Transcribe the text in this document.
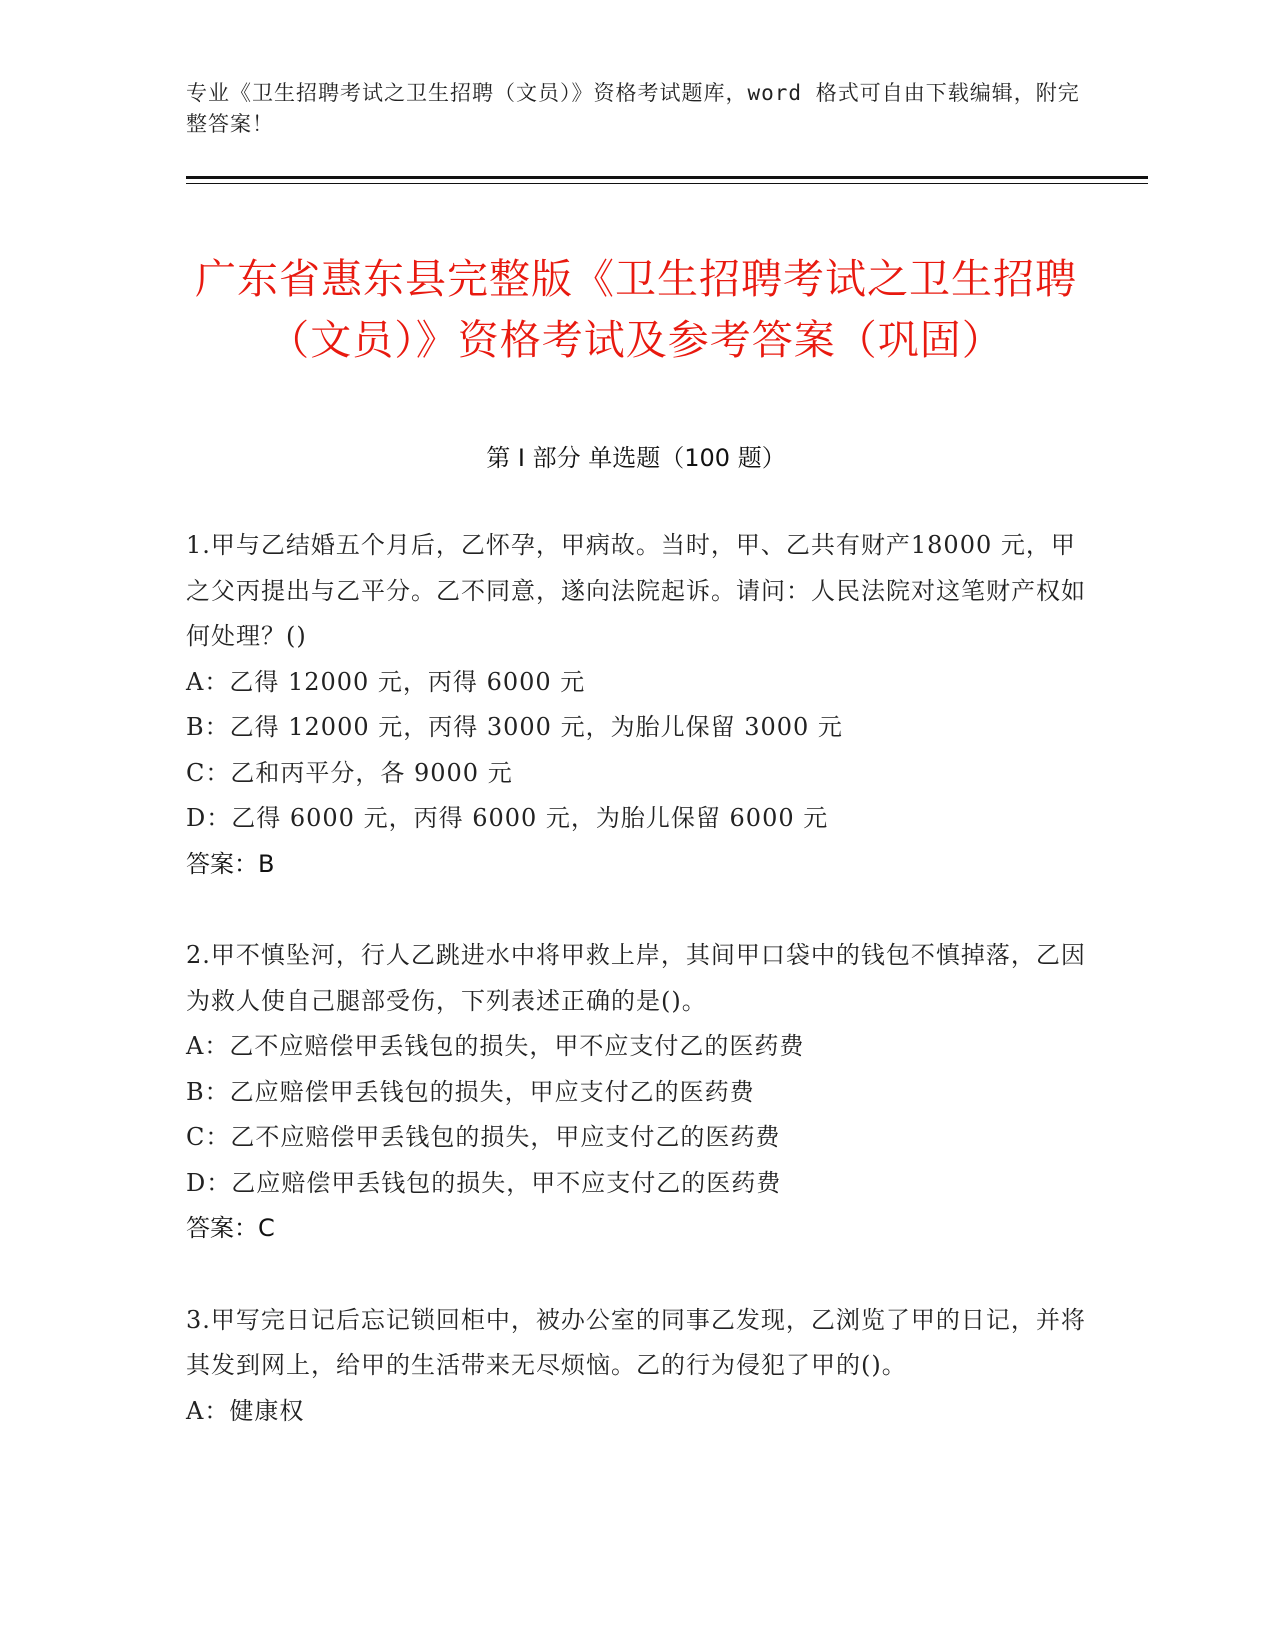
专业《卫生招聘考试之卫生招聘（文员）》资格考试题库，word 格式可自由下载编辑，附完整答案！
广东省惠东县完整版《卫生招聘考试之卫生招聘（文员）》资格考试及参考答案（巩固）
第 I 部分 单选题（100 题）
1.甲与乙结婚五个月后，乙怀孕，甲病故。当时，甲、乙共有财产18000 元，甲之父丙提出与乙平分。乙不同意，遂向法院起诉。请问：人民法院对这笔财产权如何处理？()
A：乙得 12000 元，丙得 6000 元
B：乙得 12000 元，丙得 3000 元，为胎儿保留 3000 元
C：乙和丙平分，各 9000 元
D：乙得 6000 元，丙得 6000 元，为胎儿保留 6000 元
答案：B
2.甲不慎坠河，行人乙跳进水中将甲救上岸，其间甲口袋中的钱包不慎掉落，乙因为救人使自己腿部受伤，下列表述正确的是()。
A：乙不应赔偿甲丢钱包的损失，甲不应支付乙的医药费
B：乙应赔偿甲丢钱包的损失，甲应支付乙的医药费
C：乙不应赔偿甲丢钱包的损失，甲应支付乙的医药费
D：乙应赔偿甲丢钱包的损失，甲不应支付乙的医药费
答案：C
3.甲写完日记后忘记锁回柜中，被办公室的同事乙发现，乙浏览了甲的日记，并将其发到网上，给甲的生活带来无尽烦恼。乙的行为侵犯了甲的()。
A：健康权
